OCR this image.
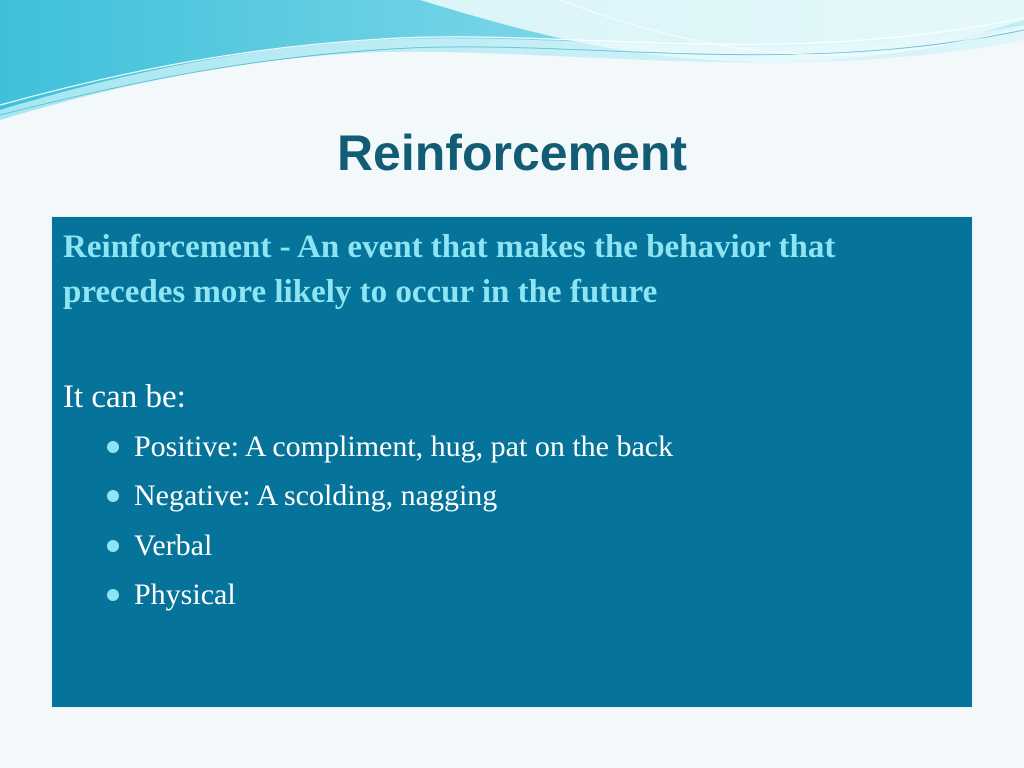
Reinforcement

Reinforcement - An event that makes the behavior that precedes more likely to occur in the future

It can be:

Positive: A compliment, hug, pat on the back
Negative: A scolding, nagging
Verbal
Physical
